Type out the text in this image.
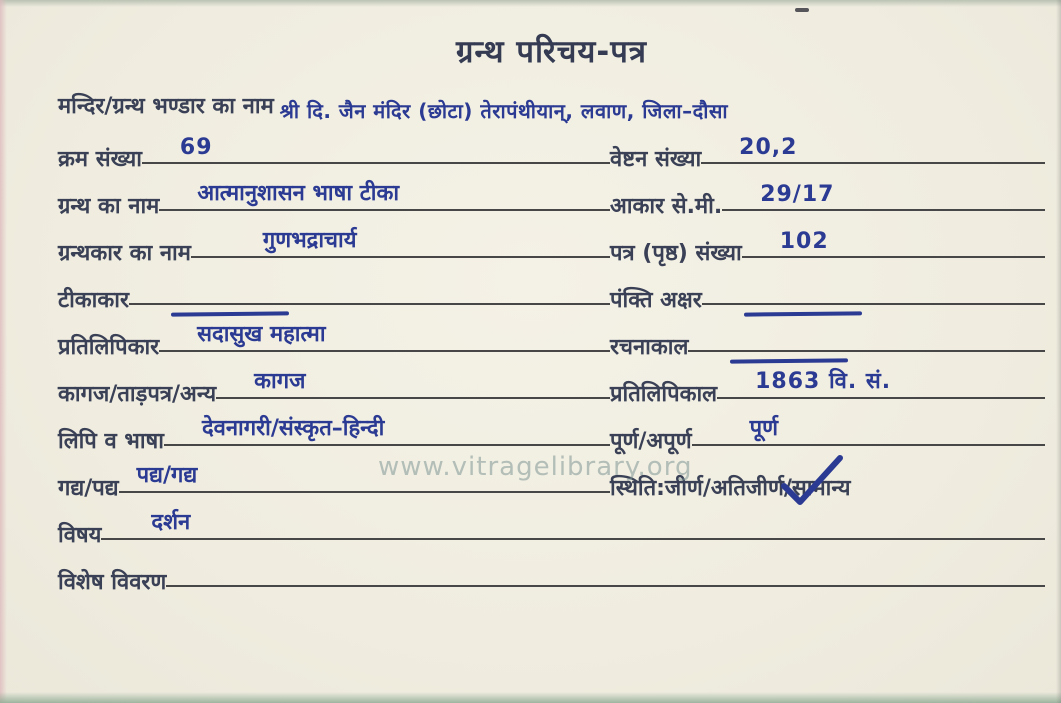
ग्रन्थ परिचय-पत्र
मन्दिर/ग्रन्थ भण्डार का नाम श्री दि. जैन मंदिर (छोटा) तेरापंथीयान्, लवाण, जिला–दौसा
क्रम संख्या 69	वेष्टन संख्या 20,2
ग्रन्थ का नाम
आत्मानुशासन भाषा टीका
आकार से.मी. 29/17
ग्रन्थकार का नाम
गुणभद्राचार्य
पत्र (पृष्ठ) संख्या 102
टीकाकार	पंक्ति अक्षर
प्रतिलिपिकार
सदासुख महात्मा
रचनाकाल
कागज/ताड़पत्र/अन्य
कागज
प्रतिलिपिकाल
1863 वि. सं.
लिपि व भाषा
देवनागरी/संस्कृत–हिन्दी
पूर्ण/अपूर्ण
पूर्ण
गद्य/पद्य
पद्य/गद्य
स्थिति:जीर्ण/अतिजीर्ण/ सामान्य
विषय
दर्शन
विशेष विवरण
www.vitragelibrary.org
